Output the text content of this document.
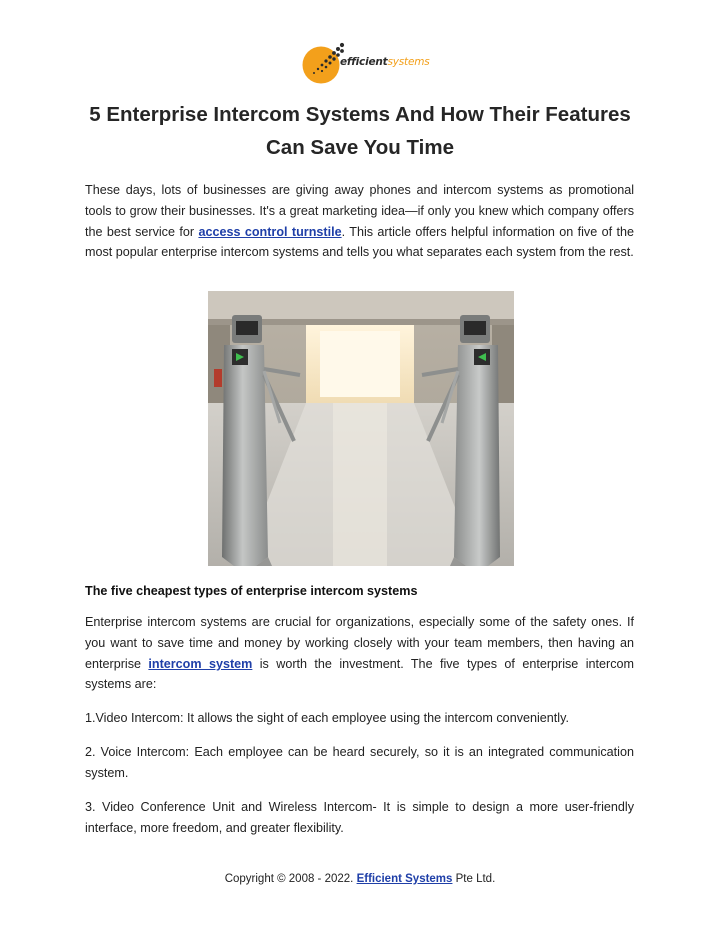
efficientsystems
5 Enterprise Intercom Systems And How Their Features Can Save You Time

These days, lots of businesses are giving away phones and intercom systems as promotional tools to grow their businesses. It's a great marketing idea—if only you knew which company offers the best service for access control turnstile. This article offers helpful information on five of the most popular enterprise intercom systems and tells you what separates each system from the rest.

The five cheapest types of enterprise intercom systems

Enterprise intercom systems are crucial for organizations, especially some of the safety ones. If you want to save time and money by working closely with your team members, then having an enterprise intercom system is worth the investment. The five types of enterprise intercom systems are:

1.Video Intercom: It allows the sight of each employee using the intercom conveniently.

2. Voice Intercom: Each employee can be heard securely, so it is an integrated communication system.

3. Video Conference Unit and Wireless Intercom- It is simple to design a more user-friendly interface, more freedom, and greater flexibility.

Copyright © 2008 - 2022. Efficient Systems Pte Ltd.
